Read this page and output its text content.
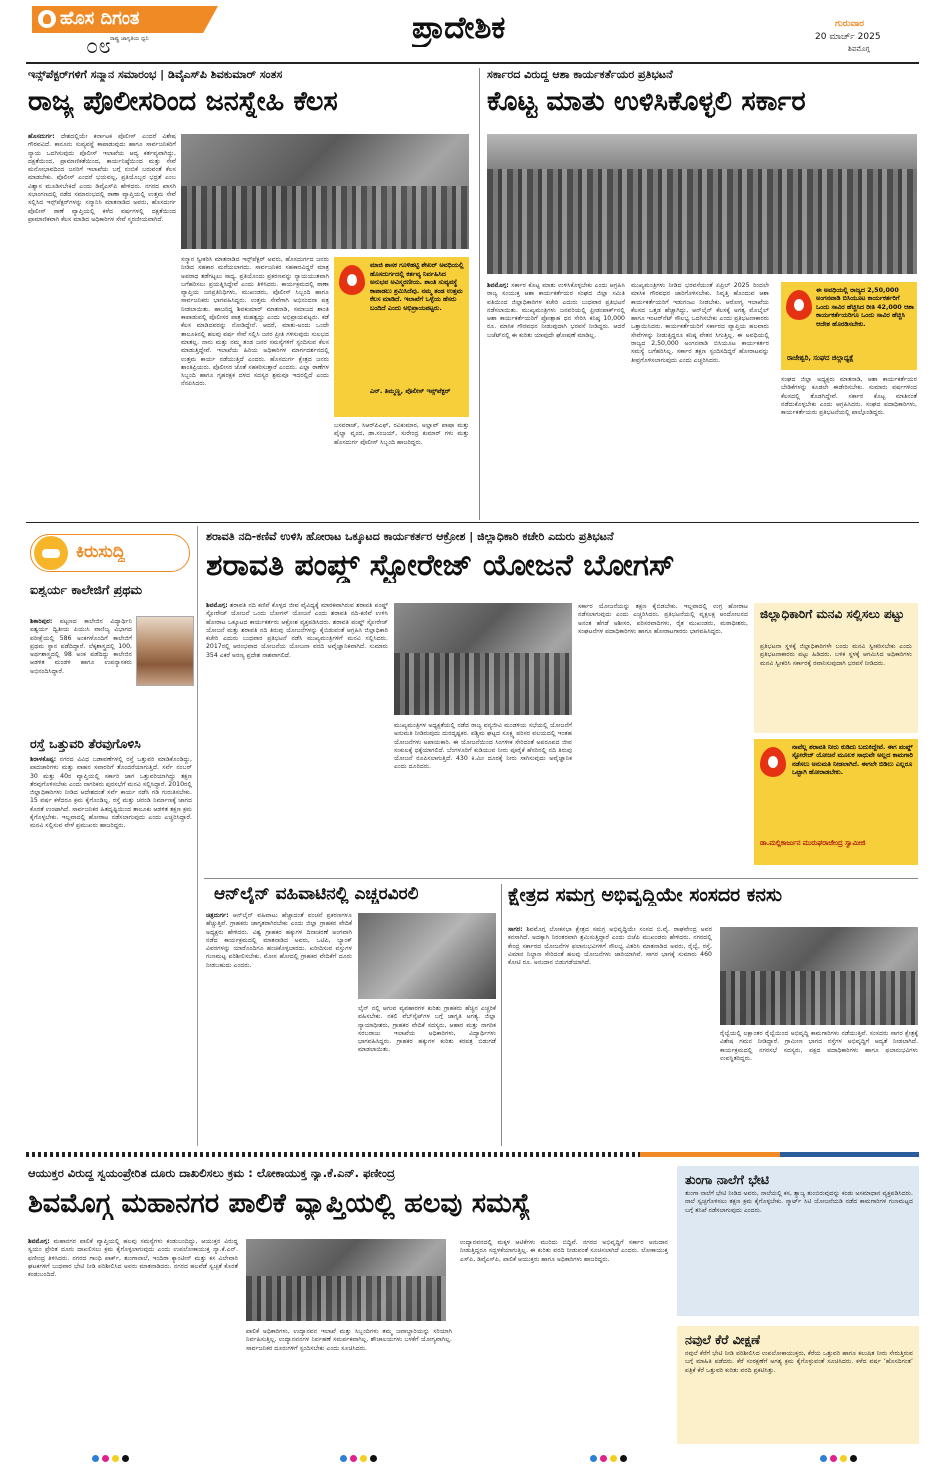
ಹೊಸ ದಿಗಂತ
ರಾಷ್ಟ್ರ ಜಾಗೃತಿಯ ಧ್ವನಿ
೦೮
ಪ್ರಾದೇಶಿಕ	ಗುರುವಾರ
20 ಮಾರ್ಚ್ 2025
ಶಿವಮೊಗ್ಗ
ಇನ್ಸ್‌ಪೆಕ್ಟರ್‌ಗಳಿಗೆ ಸನ್ಮಾನ ಸಮಾರಂಭ | ಡಿವೈಎಸ್‌ಪಿ ಶಿವಕುಮಾರ್ ಸಂತಸ
ರಾಜ್ಯ ಪೊಲೀಸರಿಂದ ಜನಸ್ನೇಹಿ ಕೆಲಸ
ಹೊಸದುರ್ಗ: ದೇಶದಲ್ಲಿಯೇ ಕರ್ನಾಟಕ ಪೊಲೀಸ್ ಎಂದರೆ ವಿಶೇಷ ಗೌರವವಿದೆ. ಕಾನೂನು ಸುವ್ಯವಸ್ಥೆ ಕಾಪಾಡುವುದು ಹಾಗೂ ಸಾರ್ವಜನಿಕರಿಗೆ ನ್ಯಾಯ ಒದಗಿಸುವುದು ಪೊಲೀಸ್ ಇಲಾಖೆಯ ಆದ್ಯ ಕರ್ತವ್ಯವಾಗಿದ್ದು, ದಕ್ಷತೆಯಿಂದ, ಪ್ರಾಮಾಣಿಕತೆಯಿಂದ, ಕಾರ್ಯನಿಷ್ಠೆಯಿಂದ ಮತ್ತು ಸೇವೆ ಮನೋಭಾವದಿಂದ ಜನರಿಗೆ ಇಲಾಖೆಯ ಬಗ್ಗೆ ನಂಬಿಕೆ ಬರುವಂತೆ ಕೆಲಸ ಮಾಡಬೇಕು. ಪೊಲೀಸ್ ಎಂದರೆ ಭಯವಲ್ಲ, ಪ್ರತಿಯೊಬ್ಬರ ಭದ್ರತೆ ಎಂಬ ವಿಶ್ವಾಸ ಮೂಡಿಸಬೇಕಿದೆ ಎಂದು ಡಿವೈಎಸ್‌ಪಿ ಹೇಳಿದರು. ನಗರದ ಖಾಸಗಿ ಸಭಾಂಗಣದಲ್ಲಿ ನಡೆದ ಸಮಾರಂಭದಲ್ಲಿ ಠಾಣಾ ವ್ಯಾಪ್ತಿಯಲ್ಲಿ ಉತ್ತಮ ಸೇವೆ ಸಲ್ಲಿಸಿದ ಇನ್ಸ್‌ಪೆಕ್ಟರ್‌ಗಳನ್ನು ಸನ್ಮಾನಿಸಿ ಮಾತನಾಡಿದ ಅವರು, ಹೊಸದುರ್ಗ ಪೊಲೀಸ್ ಠಾಣೆ ವ್ಯಾಪ್ತಿಯಲ್ಲಿ ಕಳೆದ ವರ್ಷಗಳಲ್ಲಿ ದಕ್ಷತೆಯಿಂದ ಪ್ರಾಮಾಣಿಕವಾಗಿ ಕೆಲಸ ಮಾಡಿದ ಅಧಿಕಾರಿಗಳ ಸೇವೆ ಸ್ಮರಣೀಯವಾಗಿದೆ.
ಸನ್ಮಾನ ಸ್ವೀಕರಿಸಿ ಮಾತನಾಡಿದ ಇನ್ಸ್‌ಪೆಕ್ಟರ್ ಅವರು, ಹೊಸದುರ್ಗದ ಜನರು ನೀಡಿದ ಸಹಕಾರ ಮರೆಯಲಾಗದು. ಸಾರ್ವಜನಿಕರ ಸಹಕಾರವಿದ್ದರೆ ಮಾತ್ರ ಅಪರಾಧ ತಡೆಗಟ್ಟಲು ಸಾಧ್ಯ. ಪ್ರತಿಯೊಂದು ಪ್ರಕರಣವನ್ನು ನ್ಯಾಯಯುತವಾಗಿ ಬಗೆಹರಿಸಲು ಪ್ರಯತ್ನಿಸಿದ್ದೇವೆ ಎಂದು ತಿಳಿಸಿದರು. ಕಾರ್ಯಕ್ರಮದಲ್ಲಿ ಠಾಣಾ ವ್ಯಾಪ್ತಿಯ ಜನಪ್ರತಿನಿಧಿಗಳು, ಮುಖಂಡರು, ಪೊಲೀಸ್ ಸಿಬ್ಬಂದಿ ಹಾಗೂ ಸಾರ್ವಜನಿಕರು ಭಾಗವಹಿಸಿದ್ದರು. ಉತ್ತಮ ಸೇವೆಗಾಗಿ ಅಭಿನಂದನಾ ಪತ್ರ ನೀಡಲಾಯಿತು. ಹಾಜರಿದ್ದ ಶಿವಕುಮಾರ್ ಮಾತನಾಡಿ, ಸಮಾಜದ ಶಾಂತಿ ಕಾಪಾಡುವಲ್ಲಿ ಪೊಲೀಸರ ಪಾತ್ರ ಮಹತ್ವದ್ದು ಎಂದು ಅಭಿಪ್ರಾಯಪಟ್ಟರು. ಕಡೆ ಕೆಲಸ ಮಾಡಿದವರನ್ನು ನೋಡಿದ್ದೇನೆ. ಆದರೆ, ಮಾತು-ಅಂದು ಒಂದೇ ತಾಲೂಕಿನಲ್ಲಿ ಹಲವು ವರ್ಷ ಸೇವೆ ಸಲ್ಲಿಸಿ ಜನರ ಪ್ರೀತಿ ಗಳಿಸುವುದು ಸುಲಭದ ಮಾತಲ್ಲ. ನಾನು ಮತ್ತು ನಮ್ಮ ತಂಡ ಜನರ ಸಮಸ್ಯೆಗಳಿಗೆ ಸ್ಪಂದಿಸುವ ಕೆಲಸ ಮಾಡುತ್ತಿದ್ದೇವೆ. ಇಲಾಖೆಯ ಹಿರಿಯ ಅಧಿಕಾರಿಗಳ ಮಾರ್ಗದರ್ಶನದಲ್ಲಿ ಉತ್ತಮ ಕಾರ್ಯ ನಡೆಯುತ್ತಿದೆ ಎಂದರು. ಹೊಸದುರ್ಗ ಕ್ಷೇತ್ರದ ಜನರು ಶಾಂತಿಪ್ರಿಯರು. ಪೊಲೀಸರ ಜೊತೆ ಸಹಕರಿಸುತ್ತಾರೆ ಎಂದರು. ಎಲ್ಲಾ ಠಾಣೆಗಳ ಸಿಬ್ಬಂದಿ ಹಾಗೂ ಗೃಹರಕ್ಷಕ ದಳದ ಸದಸ್ಯರ ಶ್ರಮವೂ ಇದರಲ್ಲಿದೆ ಎಂದು ನೆನಪಿಸಿದರು.
ಮಾಜಿ ಶಾಸಕ ಗೂಳಿಹಟ್ಟಿ ಶೇಖರ್ ಅವಧಿಯಲ್ಲಿ ಹೊಸದುರ್ಗದಲ್ಲಿ ಕರ್ತವ್ಯ ನಿರ್ವಹಿಸಿದ ಅನುಭವ ಅವಿಸ್ಮರಣೀಯ. ಶಾಂತಿ ಸುವ್ಯವಸ್ಥೆ ಕಾಪಾಡಲು ಶ್ರಮಿಸಿದೆವು. ನಮ್ಮ ತಂಡ ಉತ್ತಮ ಕೆಲಸ ಮಾಡಿದೆ. ಇಲಾಖೆಗೆ ಒಳ್ಳೆಯ ಹೆಸರು ಬಂದಿದೆ ಎಂದು ಅಭಿಪ್ರಾಯಪಟ್ಟರು.
ಎನ್. ತಿಮ್ಮಣ್ಣ, ಪೊಲೀಸ್ ಇನ್ಸ್‌ಪೆಕ್ಟರ್
ಬಸವರಾಜ್, ಸಿಆರ್‌ಪಿಎಫ್, ರವಿಕುಮಾರ, ಅಲ್ಲಾವ್ ಪಾಷಾ ಮತ್ತು ಪೈಲ್ವಾ ವೃಂದ, ಡಾ.ಸಂಜಯ್, ಸುರೇಂದ್ರ ಕುಮಾರ್ ಗಳು ಮತ್ತು ಹೊಸದುರ್ಗ ಪೊಲೀಸ್ ಸಿಬ್ಬಂದಿ ಹಾಜರಿದ್ದರು.
ಸರ್ಕಾರದ ವಿರುದ್ಧ ಆಶಾ ಕಾರ್ಯಕರ್ತೆಯರ ಪ್ರತಿಭಟನೆ
ಕೊಟ್ಟ ಮಾತು ಉಳಿಸಿಕೊಳ್ಳಲಿ ಸರ್ಕಾರ
ಶಿವಮೊಗ್ಗ: ಸರ್ಕಾರ ಕೊಟ್ಟ ಮಾತು ಉಳಿಸಿಕೊಳ್ಳಬೇಕು ಎಂದು ಆಗ್ರಹಿಸಿ ರಾಜ್ಯ ಸಂಯುಕ್ತ ಆಶಾ ಕಾರ್ಯಕರ್ತೆಯರ ಸಂಘದ ಜಿಲ್ಲಾ ಸಮಿತಿ ವತಿಯಿಂದ ಜಿಲ್ಲಾಧಿಕಾರಿಗಳ ಕಚೇರಿ ಎದುರು ಬುಧವಾರ ಪ್ರತಿಭಟನೆ ನಡೆಸಲಾಯಿತು. ಮುಖ್ಯಮಂತ್ರಿಗಳು ಜನವರಿಯಲ್ಲಿ ಫ್ರೀಡಂಪಾರ್ಕ್‌ನಲ್ಲಿ ಆಶಾ ಕಾರ್ಯಕರ್ತೆಯರಿಗೆ ಪ್ರೋತ್ಸಾಹ ಧನ ಸೇರಿಸಿ ಕನಿಷ್ಠ 10,000 ರೂ. ಮಾಸಿಕ ಗೌರವಧನ ನೀಡುವುದಾಗಿ ಭರವಸೆ ನೀಡಿದ್ದರು. ಆದರೆ ಬಜೆಟ್‌ನಲ್ಲಿ ಈ ಕುರಿತು ಯಾವುದೇ ಘೋಷಣೆ ಮಾಡಿಲ್ಲ.
ಮುಖ್ಯಮಂತ್ರಿಗಳು ನೀಡಿದ ಭರವಸೆಯಂತೆ ಏಪ್ರಿಲ್ 2025 ರಿಂದಲೇ ಮಾಸಿಕ ಗೌರವಧನ ಜಾರಿಗೊಳಿಸಬೇಕು. ನಿವೃತ್ತಿ ಹೊಂದುವ ಆಶಾ ಕಾರ್ಯಕರ್ತೆಯರಿಗೆ ಇಡುಗಂಟು ನೀಡಬೇಕು. ಆರೋಗ್ಯ ಇಲಾಖೆಯ ಕೆಲಸದ ಒತ್ತಡ ಹೆಚ್ಚಾಗಿದ್ದು, ಆನ್‌ಲೈನ್ ಕೆಲಸಕ್ಕೆ ಅಗತ್ಯ ಮೊಬೈಲ್ ಹಾಗೂ ಇಂಟರ್‌ನೆಟ್ ಸೌಲಭ್ಯ ಒದಗಿಸಬೇಕು ಎಂದು ಪ್ರತಿಭಟನಾಕಾರರು ಒತ್ತಾಯಿಸಿದರು. ಕಾರ್ಯಕರ್ತೆಯರಿಗೆ ಸರ್ಕಾರದ ವ್ಯಾಪ್ತಿಯ ಹಲವಾರು ಸೇವೆಗಳನ್ನು ನೀಡುತ್ತಿದ್ದರೂ ಕನಿಷ್ಠ ವೇತನ ಸಿಗುತ್ತಿಲ್ಲ. ಈ ಅವಧಿಯಲ್ಲಿ ರಾಜ್ಯದ 2,50,000 ಅಂಗನವಾಡಿ ಬಿಸಿಯೂಟ ಕಾರ್ಯಕರ್ತರ ಸಮಸ್ಯೆ ಬಗೆಹರಿಸಿಲ್ಲ. ಸರ್ಕಾರ ತಕ್ಷಣ ಸ್ಪಂದಿಸದಿದ್ದರೆ ಹೋರಾಟವನ್ನು ತೀವ್ರಗೊಳಿಸಲಾಗುವುದು ಎಂದು ಎಚ್ಚರಿಸಿದರು.
ಈ ಅವಧಿಯಲ್ಲಿ ರಾಜ್ಯದ 2,50,000 ಅಂಗನವಾಡಿ ಬಿಸಿಯೂಟ ಕಾರ್ಯಕರ್ತರಿಗೆ ಒಂದು ಸಾವಿರ ಹೆಚ್ಚಿಸಿದ ರೀತಿ 42,000 ಆಶಾ ಕಾರ್ಯಕರ್ತೆಯರಿಗೂ ಒಂದು ಸಾವಿರ ಹೆಚ್ಚಿಸಿ ಆದೇಶ ಹೊರಡಿಸಬೇಕು.
ರಾಜೇಶ್ವರಿ, ಸಂಘದ ಜಿಲ್ಲಾಧ್ಯಕ್ಷೆ
ಸಂಘದ ಜಿಲ್ಲಾ ಅಧ್ಯಕ್ಷರು ಮಾತನಾಡಿ, ಆಶಾ ಕಾರ್ಯಕರ್ತೆಯರ ಬೇಡಿಕೆಗಳನ್ನು ಕೂಡಲೇ ಈಡೇರಿಸಬೇಕು. ಸುಮಾರು ವರ್ಷಗಳಿಂದ ಕೆಲಸದಲ್ಲಿ ತೊಡಗಿದ್ದೇವೆ. ಸರ್ಕಾರ ಕೊಟ್ಟ ಮಾತಿನಂತೆ ನಡೆದುಕೊಳ್ಳಬೇಕು ಎಂದು ಆಗ್ರಹಿಸಿದರು. ಸಂಘದ ಪದಾಧಿಕಾರಿಗಳು, ಕಾರ್ಯಕರ್ತೆಯರು ಪ್ರತಿಭಟನೆಯಲ್ಲಿ ಪಾಲ್ಗೊಂಡಿದ್ದರು.
ಕಿರುಸುದ್ದಿ
ಐಶ್ವರ್ಯ ಕಾಲೇಜಿಗೆ ಪ್ರಥಮ
ಶಿಕಾರಿಪುರ: ಪಟ್ಟಣದ ಕಾಲೇಜಿನ ವಿದ್ಯಾರ್ಥಿನಿ ಐಶ್ವರ್ಯ ದ್ವಿತೀಯ ಪಿಯುಸಿ ವಾಣಿಜ್ಯ ವಿಭಾಗದ ಪರೀಕ್ಷೆಯಲ್ಲಿ 586 ಅಂಕಗಳೊಂದಿಗೆ ಕಾಲೇಜಿಗೆ ಪ್ರಥಮ ಸ್ಥಾನ ಪಡೆದಿದ್ದಾರೆ. ಲೆಕ್ಕಶಾಸ್ತ್ರದಲ್ಲಿ 100, ಅರ್ಥಶಾಸ್ತ್ರದಲ್ಲಿ 98 ಅಂಕ ಪಡೆದಿದ್ದು ಕಾಲೇಜಿನ ಆಡಳಿತ ಮಂಡಳಿ ಹಾಗೂ ಉಪನ್ಯಾಸಕರು ಅಭಿನಂದಿಸಿದ್ದಾರೆ.
ರಸ್ತೆ ಒತ್ತುವರಿ ತೆರವುಗೊಳಿಸಿ
ಶಿರಾಳಕೊಪ್ಪ: ನಗರದ ವಿವಿಧ ಬಡಾವಣೆಗಳಲ್ಲಿ ರಸ್ತೆ ಒತ್ತುವರಿ ಮಾಡಿಕೊಂಡಿದ್ದು, ಪಾದಚಾರಿಗಳು ಮತ್ತು ವಾಹನ ಸವಾರರಿಗೆ ತೊಂದರೆಯಾಗುತ್ತಿದೆ. ಸರ್ವೆ ನಂಬರ್ 30 ಮತ್ತು 40ರ ವ್ಯಾಪ್ತಿಯಲ್ಲಿ ಸರ್ಕಾರಿ ಜಾಗ ಒತ್ತುವರಿಯಾಗಿದ್ದು ತಕ್ಷಣ ತೆರವುಗೊಳಿಸಬೇಕು ಎಂದು ನಾಗರಿಕರು ಪುರಸಭೆಗೆ ಮನವಿ ಸಲ್ಲಿಸಿದ್ದಾರೆ. 2010ರಲ್ಲಿ ಜಿಲ್ಲಾಧಿಕಾರಿಗಳು ನೀಡಿದ ಆದೇಶದಂತೆ ಸರ್ವೆ ಕಾರ್ಯ ನಡೆಸಿ ಗಡಿ ಗುರುತಿಸಬೇಕು. 15 ವರ್ಷ ಕಳೆದರೂ ಕ್ರಮ ಕೈಗೊಂಡಿಲ್ಲ. ರಸ್ತೆ ಮತ್ತು ಚರಂಡಿ ನಿರ್ಮಾಣಕ್ಕೆ ಜಾಗದ ಕೊರತೆ ಉಂಟಾಗಿದೆ. ಸಾರ್ವಜನಿಕರ ಹಿತದೃಷ್ಟಿಯಿಂದ ತಾಲೂಕು ಆಡಳಿತ ತಕ್ಷಣ ಕ್ರಮ ಕೈಗೊಳ್ಳಬೇಕು. ಇಲ್ಲವಾದಲ್ಲಿ ಹೋರಾಟ ನಡೆಸಲಾಗುವುದು ಎಂದು ಎಚ್ಚರಿಸಿದ್ದಾರೆ. ಮನವಿ ಸಲ್ಲಿಸುವ ವೇಳೆ ಪ್ರಮುಖರು ಹಾಜರಿದ್ದರು.
ಶರಾವತಿ ನದಿ-ಕಣಿವೆ ಉಳಿಸಿ ಹೋರಾಟ ಒಕ್ಕೂಟದ ಕಾರ್ಯಕರ್ತರ ಆಕ್ರೋಶ | ಜಿಲ್ಲಾಧಿಕಾರಿ ಕಚೇರಿ ಎದುರು ಪ್ರತಿಭಟನೆ
ಶರಾವತಿ ಪಂಪ್ಡ್ ಸ್ಟೋರೇಜ್ ಯೋಜನೆ ಬೋಗಸ್
ಶಿವಮೊಗ್ಗ: ಶರಾವತಿ ನದಿ ಕಣಿವೆ ಕೊಳ್ಳದ ಜೀವ ವೈವಿಧ್ಯಕ್ಕೆ ಮಾರಕವಾಗಿರುವ ಶರಾವತಿ ಪಂಪ್ಡ್ ಸ್ಟೋರೇಜ್ ಯೋಜನೆ ಒಂದು ಬೋಗಸ್ ಯೋಜನೆ ಎಂದು ಶರಾವತಿ ನದಿ-ಕಣಿವೆ ಉಳಿಸಿ ಹೋರಾಟ ಒಕ್ಕೂಟದ ಕಾರ್ಯಕರ್ತರು ಆಕ್ರೋಶ ವ್ಯಕ್ತಪಡಿಸಿದರು. ಶರಾವತಿ ಪಂಪ್ಡ್ ಸ್ಟೋರೇಜ್ ಯೋಜನೆ ಮತ್ತು ಶರಾವತಿ ನದಿ ತಿರುವು ಯೋಜನೆಗಳನ್ನು ಕೈಬಿಡುವಂತೆ ಆಗ್ರಹಿಸಿ ಜಿಲ್ಲಾಧಿಕಾರಿ ಕಚೇರಿ ಎದುರು ಬುಧವಾರ ಪ್ರತಿಭಟನೆ ನಡೆಸಿ ಮುಖ್ಯಮಂತ್ರಿಗಳಿಗೆ ಮನವಿ ಸಲ್ಲಿಸಿದರು. 2017ರಲ್ಲಿ ಆರಂಭವಾದ ಯೋಜನೆಯ ಯೋಜನಾ ವರದಿ ಅವೈಜ್ಞಾನಿಕವಾಗಿದೆ. ಸುಮಾರು 354 ಎಕರೆ ಅರಣ್ಯ ಪ್ರದೇಶ ನಾಶವಾಗಲಿದೆ.
ಮುಖ್ಯಮಂತ್ರಿಗಳ ಅಧ್ಯಕ್ಷತೆಯಲ್ಲಿ ನಡೆದ ರಾಜ್ಯ ವನ್ಯಜೀವಿ ಮಂಡಳಿಯ ಸಭೆಯಲ್ಲಿ ಯೋಜನೆಗೆ ಅನುಮತಿ ನೀಡಿರುವುದು ದುರದೃಷ್ಟಕರ. ಪಶ್ಚಿಮ ಘಟ್ಟದ ಸೂಕ್ಷ್ಮ ಪರಿಸರ ವಲಯದಲ್ಲಿ ಇಂತಹ ಯೋಜನೆಗಳು ಅಪಾಯಕಾರಿ. ಈ ಯೋಜನೆಯಿಂದ ಸಿಂಗಳೀಕ ಸೇರಿದಂತೆ ಅಪರೂಪದ ಜೀವ ಸಂಕುಲಕ್ಕೆ ಧಕ್ಕೆಯಾಗಲಿದೆ. ಬೆಂಗಳೂರಿಗೆ ಕುಡಿಯುವ ನೀರು ಪೂರೈಕೆ ಹೆಸರಿನಲ್ಲಿ ನದಿ ತಿರುವು ಯೋಜನೆ ರೂಪಿಸಲಾಗುತ್ತಿದೆ. 430 ಕಿ.ಮೀ ದೂರಕ್ಕೆ ನೀರು ಸಾಗಿಸುವುದು ಅವೈಜ್ಞಾನಿಕ ಎಂದು ದೂರಿದರು.
ಸರ್ಕಾರ ಯೋಜನೆಯನ್ನು ತಕ್ಷಣ ಕೈಬಿಡಬೇಕು. ಇಲ್ಲವಾದಲ್ಲಿ ಉಗ್ರ ಹೋರಾಟ ನಡೆಸಲಾಗುವುದು ಎಂದು ಎಚ್ಚರಿಸಿದರು. ಪ್ರತಿಭಟನೆಯಲ್ಲಿ ವೃಕ್ಷಲಕ್ಷ ಆಂದೋಲನದ ಅನಂತ ಹೆಗಡೆ ಅಶೀಸರ, ಪರಿಸರವಾದಿಗಳು, ರೈತ ಮುಖಂಡರು, ಮಠಾಧೀಶರು, ಸಂಘಟನೆಗಳ ಪದಾಧಿಕಾರಿಗಳು ಹಾಗೂ ಹೋರಾಟಗಾರರು ಭಾಗವಹಿಸಿದ್ದರು.
ಜಿಲ್ಲಾಧಿಕಾರಿಗೆ ಮನವಿ ಸಲ್ಲಿಸಲು ಪಟ್ಟು
ಪ್ರತಿಭಟನಾ ಸ್ಥಳಕ್ಕೆ ಜಿಲ್ಲಾಧಿಕಾರಿಗಳೇ ಬಂದು ಮನವಿ ಸ್ವೀಕರಿಸಬೇಕು ಎಂದು ಪ್ರತಿಭಟನಾಕಾರರು ಪಟ್ಟು ಹಿಡಿದರು. ಬಳಿಕ ಸ್ಥಳಕ್ಕೆ ಆಗಮಿಸಿದ ಅಧಿಕಾರಿಗಳು ಮನವಿ ಸ್ವೀಕರಿಸಿ ಸರ್ಕಾರಕ್ಕೆ ರವಾನಿಸುವುದಾಗಿ ಭರವಸೆ ನೀಡಿದರು.
ನಾವೆಲ್ಲ ಶರಾವತಿ ನೀರು ಕುಡಿದು ಬದುಕಿದ್ದೇವೆ. ಈಗ ಪಂಪ್ಡ್ ಸ್ಟೋರೇಜ್ ಯೋಜನೆ ಮೂಲಕ ಸಾಧುವೇ ಅಲ್ಲದ ಕಾಮಗಾರಿ ನಡೆಸಲು ಅನುಮತಿ ನೀಡಲಾಗಿದೆ. ಈಗಲೇ ಬಿಡಿಲು ಎಲ್ಲರೂ ಒಟ್ಟಾಗಿ ಹೋರಾಡಬೇಕು.
ಡಾ.ಮಲ್ಲಿಕಾರ್ಜುನ ಮುರುಘರಾಜೇಂದ್ರ ಸ್ವಾಮೀಜಿ
ಆನ್‌ಲೈನ್ ವಹಿವಾಟಿನಲ್ಲಿ ಎಚ್ಚರವಿರಲಿ
ಚಿತ್ರದುರ್ಗ: ಆನ್‌ಲೈನ್ ವಹಿವಾಟು ಹೆಚ್ಚಾದಂತೆ ವಂಚನೆ ಪ್ರಕರಣಗಳೂ ಹೆಚ್ಚುತ್ತಿವೆ. ಗ್ರಾಹಕರು ಜಾಗೃತರಾಗಿರಬೇಕು ಎಂದು ಜಿಲ್ಲಾ ಗ್ರಾಹಕರ ವೇದಿಕೆ ಅಧ್ಯಕ್ಷರು ಹೇಳಿದರು. ವಿಶ್ವ ಗ್ರಾಹಕರ ಹಕ್ಕುಗಳ ದಿನಾಚರಣೆ ಅಂಗವಾಗಿ ನಡೆದ ಕಾರ್ಯಕ್ರಮದಲ್ಲಿ ಮಾತನಾಡಿದ ಅವರು, ಒಟಿಪಿ, ಬ್ಯಾಂಕ್ ವಿವರಗಳನ್ನು ಯಾರೊಂದಿಗೂ ಹಂಚಿಕೊಳ್ಳಬಾರದು. ಖರೀದಿಸುವ ವಸ್ತುಗಳ ಗುಣಮಟ್ಟ ಪರಿಶೀಲಿಸಬೇಕು. ಮೋಸ ಹೋದಲ್ಲಿ ಗ್ರಾಹಕರ ವೇದಿಕೆಗೆ ದೂರು ನೀಡಬಹುದು ಎಂದರು.
ಲೈನ್ ನಲ್ಲಿ ಆಗುವ ವ್ಯವಹಾರಗಳ ಕುರಿತು ಗ್ರಾಹಕರು ಹೆಚ್ಚಿನ ಎಚ್ಚರಿಕೆ ವಹಿಸಬೇಕು. ನಕಲಿ ವೆಬ್‌ಸೈಟ್‌ಗಳ ಬಗ್ಗೆ ಜಾಗೃತಿ ಅಗತ್ಯ. ಜಿಲ್ಲಾ ನ್ಯಾಯಾಧೀಶರು, ಗ್ರಾಹಕರ ವೇದಿಕೆ ಸದಸ್ಯರು, ಆಹಾರ ಮತ್ತು ನಾಗರಿಕ ಸರಬರಾಜು ಇಲಾಖೆಯ ಅಧಿಕಾರಿಗಳು, ವಿದ್ಯಾರ್ಥಿಗಳು ಭಾಗವಹಿಸಿದ್ದರು. ಗ್ರಾಹಕರ ಹಕ್ಕುಗಳ ಕುರಿತು ಕರಪತ್ರ ಬಿಡುಗಡೆ ಮಾಡಲಾಯಿತು.
ಕ್ಷೇತ್ರದ ಸಮಗ್ರ ಅಭಿವೃದ್ಧಿಯೇ ಸಂಸದರ ಕನಸು
ಸಾಗರ: ಶಿವಮೊಗ್ಗ ಲೋಕಸಭಾ ಕ್ಷೇತ್ರದ ಸಮಗ್ರ ಅಭಿವೃದ್ಧಿಯೇ ಸಂಸದ ಬಿ.ವೈ. ರಾಘವೇಂದ್ರ ಅವರ ಕನಸಾಗಿದೆ. ಅದಕ್ಕಾಗಿ ನಿರಂತರವಾಗಿ ಶ್ರಮಿಸುತ್ತಿದ್ದಾರೆ ಎಂದು ಬಿಜೆಪಿ ಮುಖಂಡರು ಹೇಳಿದರು. ನಗರದಲ್ಲಿ ಕೇಂದ್ರ ಸರ್ಕಾರದ ಯೋಜನೆಗಳ ಫಲಾನುಭವಿಗಳಿಗೆ ಸೌಲಭ್ಯ ವಿತರಿಸಿ ಮಾತನಾಡಿದ ಅವರು, ರೈಲ್ವೆ, ರಸ್ತೆ, ವಿಮಾನ ನಿಲ್ದಾಣ ಸೇರಿದಂತೆ ಹಲವು ಯೋಜನೆಗಳು ಜಾರಿಯಾಗಿವೆ. ಸಾಗರ ಭಾಗಕ್ಕೆ ಸುಮಾರು 460 ಕೋಟಿ ರೂ. ಅನುದಾನ ಬಿಡುಗಡೆಯಾಗಿದೆ.
ರೈಲ್ವೆಯಲ್ಲಿ ಲಕ್ಷಾಂತರ ರೈಲ್ವೆಯಿಂದ ಅಭಿವೃದ್ಧಿ ಕಾಮಗಾರಿಗಳು ನಡೆಯುತ್ತಿವೆ. ಸಂಸದರು ಸಾಗರ ಕ್ಷೇತ್ರಕ್ಕೆ ವಿಶೇಷ ಗಮನ ನೀಡಿದ್ದಾರೆ. ಗ್ರಾಮೀಣ ಭಾಗದ ರಸ್ತೆಗಳ ಅಭಿವೃದ್ಧಿಗೆ ಆದ್ಯತೆ ನೀಡಲಾಗಿದೆ. ಕಾರ್ಯಕ್ರಮದಲ್ಲಿ ನಗರಸಭೆ ಸದಸ್ಯರು, ಪಕ್ಷದ ಪದಾಧಿಕಾರಿಗಳು ಹಾಗೂ ಫಲಾನುಭವಿಗಳು ಉಪಸ್ಥಿತರಿದ್ದರು.
ಆಯುಕ್ತರ ವಿರುದ್ಧ ಸ್ವಯಂಪ್ರೇರಿತ ದೂರು ದಾಖಲಿಸಲು ಕ್ರಮ : ಲೋಕಾಯುಕ್ತ ನ್ಯಾ.ಕೆ.ಎನ್. ಫಣೀಂದ್ರ
ಶಿವಮೊಗ್ಗ ಮಹಾನಗರ ಪಾಲಿಕೆ ವ್ಯಾಪ್ತಿಯಲ್ಲಿ ಹಲವು ಸಮಸ್ಯೆ
ಶಿವಮೊಗ್ಗ: ಮಹಾನಗರ ಪಾಲಿಕೆ ವ್ಯಾಪ್ತಿಯಲ್ಲಿ ಹಲವು ಸಮಸ್ಯೆಗಳು ಕಂಡುಬಂದಿದ್ದು, ಆಯುಕ್ತರ ವಿರುದ್ಧ ಸ್ವಯಂ ಪ್ರೇರಿತ ದೂರು ದಾಖಲಿಸಲು ಕ್ರಮ ಕೈಗೊಳ್ಳಲಾಗುವುದು ಎಂದು ಉಪಲೋಕಾಯುಕ್ತ ನ್ಯಾ.ಕೆ.ಎನ್. ಫಣೀಂದ್ರ ತಿಳಿಸಿದರು. ನಗರದ ಗಾಂಧಿ ಪಾರ್ಕ್, ತುಂಗಾನಾಲೆ, ಇಂದಿರಾ ಕ್ಯಾಂಟೀನ್ ಮತ್ತು ಕಸ ವಿಲೇವಾರಿ ಘಟಕಗಳಿಗೆ ಬುಧವಾರ ಭೇಟಿ ನೀಡಿ ಪರಿಶೀಲಿಸಿದ ಅವರು ಮಾತನಾಡಿದರು. ನಗರದ ಹಲವೆಡೆ ಸ್ವಚ್ಛತೆ ಕೊರತೆ ಕಂಡುಬಂದಿದೆ.
ಪಾಲಿಕೆ ಅಧಿಕಾರಿಗಳು, ಉದ್ಯಾನವನ ಇಲಾಖೆ ಮತ್ತು ಸಿಬ್ಬಂದಿಗಳು ತಮ್ಮ ಜವಾಬ್ದಾರಿಯನ್ನು ಸರಿಯಾಗಿ ನಿರ್ವಹಿಸುತ್ತಿಲ್ಲ. ಉದ್ಯಾನವನಗಳ ನಿರ್ವಹಣೆ ಸಮರ್ಪಕವಾಗಿಲ್ಲ. ಶೌಚಾಲಯಗಳು ಬಳಕೆಗೆ ಯೋಗ್ಯವಾಗಿಲ್ಲ. ಸಾರ್ವಜನಿಕರ ದೂರುಗಳಿಗೆ ಸ್ಪಂದಿಸಬೇಕು ಎಂದು ಸೂಚಿಸಿದರು.
ಉದ್ಯಾನವನದಲ್ಲಿ ಮಕ್ಕಳ ಆಟಿಕೆಗಳು ಮುರಿದು ಬಿದ್ದಿವೆ. ನಗರದ ಅಭಿವೃದ್ಧಿಗೆ ಸರ್ಕಾರ ಅನುದಾನ ನೀಡುತ್ತಿದ್ದರೂ ಸದ್ಬಳಕೆಯಾಗುತ್ತಿಲ್ಲ. ಈ ಕುರಿತು ವರದಿ ನೀಡುವಂತೆ ಸೂಚಿಸಲಾಗಿದೆ ಎಂದರು. ಲೋಕಾಯುಕ್ತ ಎಸ್‌ಪಿ, ಡಿವೈಎಸ್‌ಪಿ, ಪಾಲಿಕೆ ಆಯುಕ್ತರು ಹಾಗೂ ಅಧಿಕಾರಿಗಳು ಹಾಜರಿದ್ದರು.
ತುಂಗಾ ನಾಲೆಗೆ ಭೇಟಿ
ತುಂಗಾ ನಾಲೆಗೆ ಭೇಟಿ ನೀಡಿದ ಅವರು, ನಾಲೆಯಲ್ಲಿ ಕಸ, ತ್ಯಾಜ್ಯ ತುಂಬಿರುವುದನ್ನು ಕಂಡು ಅಸಮಾಧಾನ ವ್ಯಕ್ತಪಡಿಸಿದರು. ನಾಲೆ ಸ್ವಚ್ಛಗೊಳಿಸಲು ತಕ್ಷಣ ಕ್ರಮ ಕೈಗೊಳ್ಳಬೇಕು. ಸ್ಮಾರ್ಟ್ ಸಿಟಿ ಯೋಜನೆಯಡಿ ನಡೆದ ಕಾಮಗಾರಿಗಳ ಗುಣಮಟ್ಟದ ಬಗ್ಗೆ ತನಿಖೆ ನಡೆಸಲಾಗುವುದು ಎಂದರು.
ನವುಲೆ ಕೆರೆ ವೀಕ್ಷಣೆ
ನವುಲೆ ಕೆರೆಗೆ ಭೇಟಿ ನೀಡಿ ಪರಿಶೀಲಿಸಿದ ಉಪಲೋಕಾಯುಕ್ತರು, ಕೆರೆಯ ಒತ್ತುವರಿ ಹಾಗೂ ಕಲುಷಿತ ನೀರು ಸೇರುತ್ತಿರುವ ಬಗ್ಗೆ ಮಾಹಿತಿ ಪಡೆದರು. ಕೆರೆ ಸಂರಕ್ಷಣೆಗೆ ಅಗತ್ಯ ಕ್ರಮ ಕೈಗೊಳ್ಳುವಂತೆ ಸೂಚಿಸಿದರು. ಕಳೆದ ವರ್ಷ ‘ಹೊಸದಿಗಂತ’ ಪತ್ರಿಕೆ ಕೆರೆ ಒತ್ತುವರಿ ಕುರಿತು ವರದಿ ಪ್ರಕಟಿಸಿತ್ತು.
